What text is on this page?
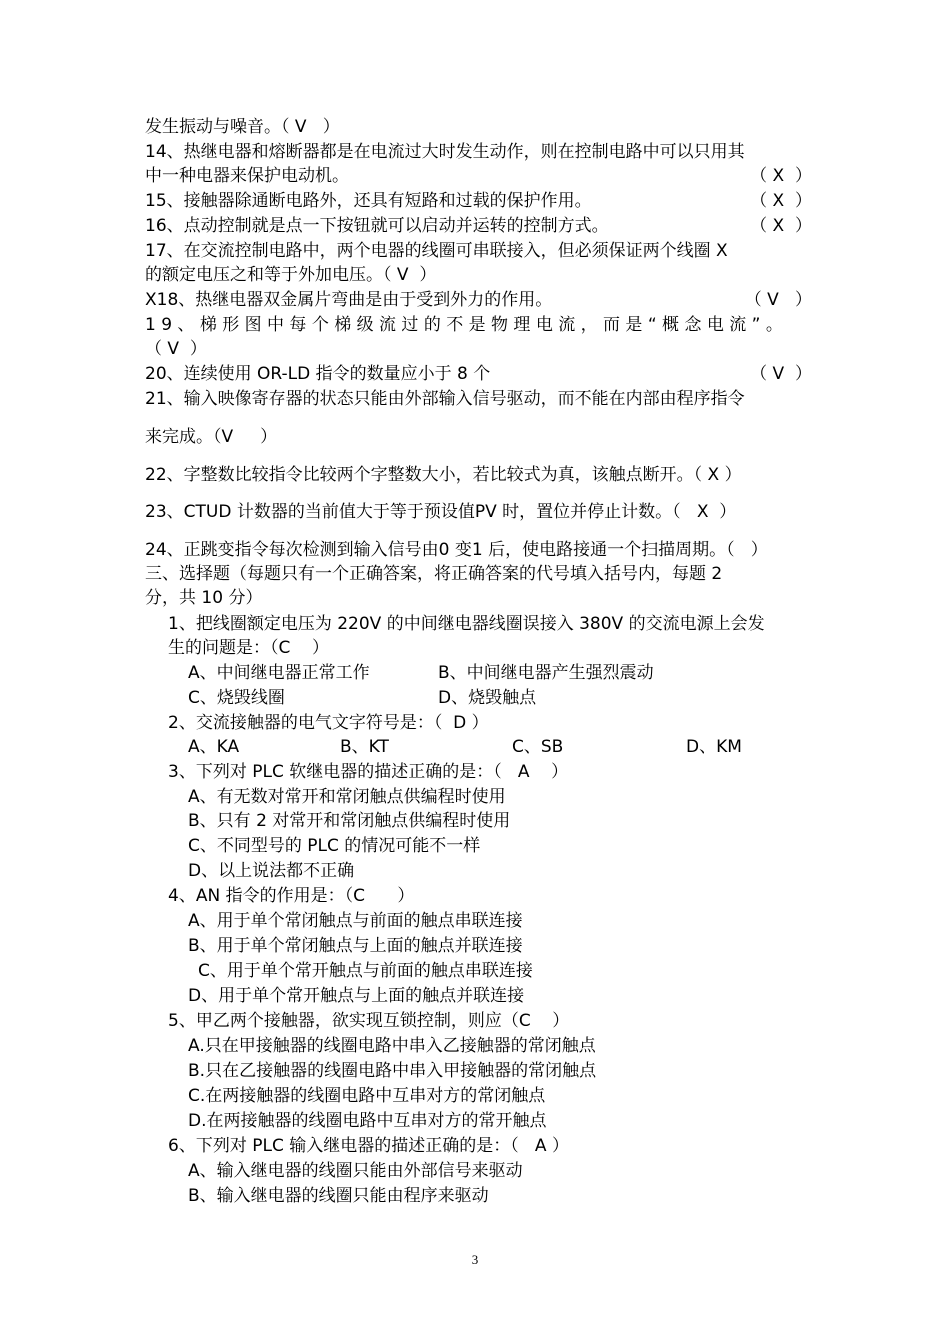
发生振动与噪音。（ V   ）
14、热继电器和熔断器都是在电流过大时发生动作，则在控制电路中可以只用其
中一种电器来保护电动机。	（ X  ）
15、接触器除通断电路外，还具有短路和过载的保护作用。	（ X  ）
16、点动控制就是点一下按钮就可以启动并运转的控制方式。	（ X  ）
17、在交流控制电路中，两个电器的线圈可串联接入，但必须保证两个线圈 X
的额定电压之和等于外加电压。（ V  ）
X18、热继电器双金属片弯曲是由于受到外力的作用。	（ V   ）
19、梯形图中每个梯级流过的不是物理电流，而是“概念电流”。
（ V  ）
20、连续使用 OR-LD 指令的数量应小于 8 个	（ V  ）
21、输入映像寄存器的状态只能由外部输入信号驱动，而不能在内部由程序指令
来完成。（V     ）
22、字整数比较指令比较两个字整数大小，若比较式为真，该触点断开。（ X ）
23、CTUD 计数器的当前值大于等于预设值PV 时，置位并停止计数。（   X  ）
24、正跳变指令每次检测到输入信号由0 变1 后，使电路接通一个扫描周期。（   ）
三、选择题（每题只有一个正确答案，将正确答案的代号填入括号内，每题 2
分，共 10 分）
1、把线圈额定电压为 220V 的中间继电器线圈误接入 380V 的交流电源上会发
生的问题是：（C    ）
A、中间继电器正常工作	B、中间继电器产生强烈震动
C、烧毁线圈	D、烧毁触点
2、交流接触器的电气文字符号是：（  D ）
A、KA	B、KT	C、SB	D、KM
3、下列对 PLC 软继电器的描述正确的是：（   A    ）
A、有无数对常开和常闭触点供编程时使用
B、只有 2 对常开和常闭触点供编程时使用
C、不同型号的 PLC 的情况可能不一样
D、以上说法都不正确
4、AN 指令的作用是：（C      ）
A、用于单个常闭触点与前面的触点串联连接
B、用于单个常闭触点与上面的触点并联连接
C、用于单个常开触点与前面的触点串联连接
D、用于单个常开触点与上面的触点并联连接
5、甲乙两个接触器，欲实现互锁控制，则应（C    ）
A.只在甲接触器的线圈电路中串入乙接触器的常闭触点
B.只在乙接触器的线圈电路中串入甲接触器的常闭触点
C.在两接触器的线圈电路中互串对方的常闭触点
D.在两接触器的线圈电路中互串对方的常开触点
6、下列对 PLC 输入继电器的描述正确的是：（   A ）
A、输入继电器的线圈只能由外部信号来驱动
B、输入继电器的线圈只能由程序来驱动
3
